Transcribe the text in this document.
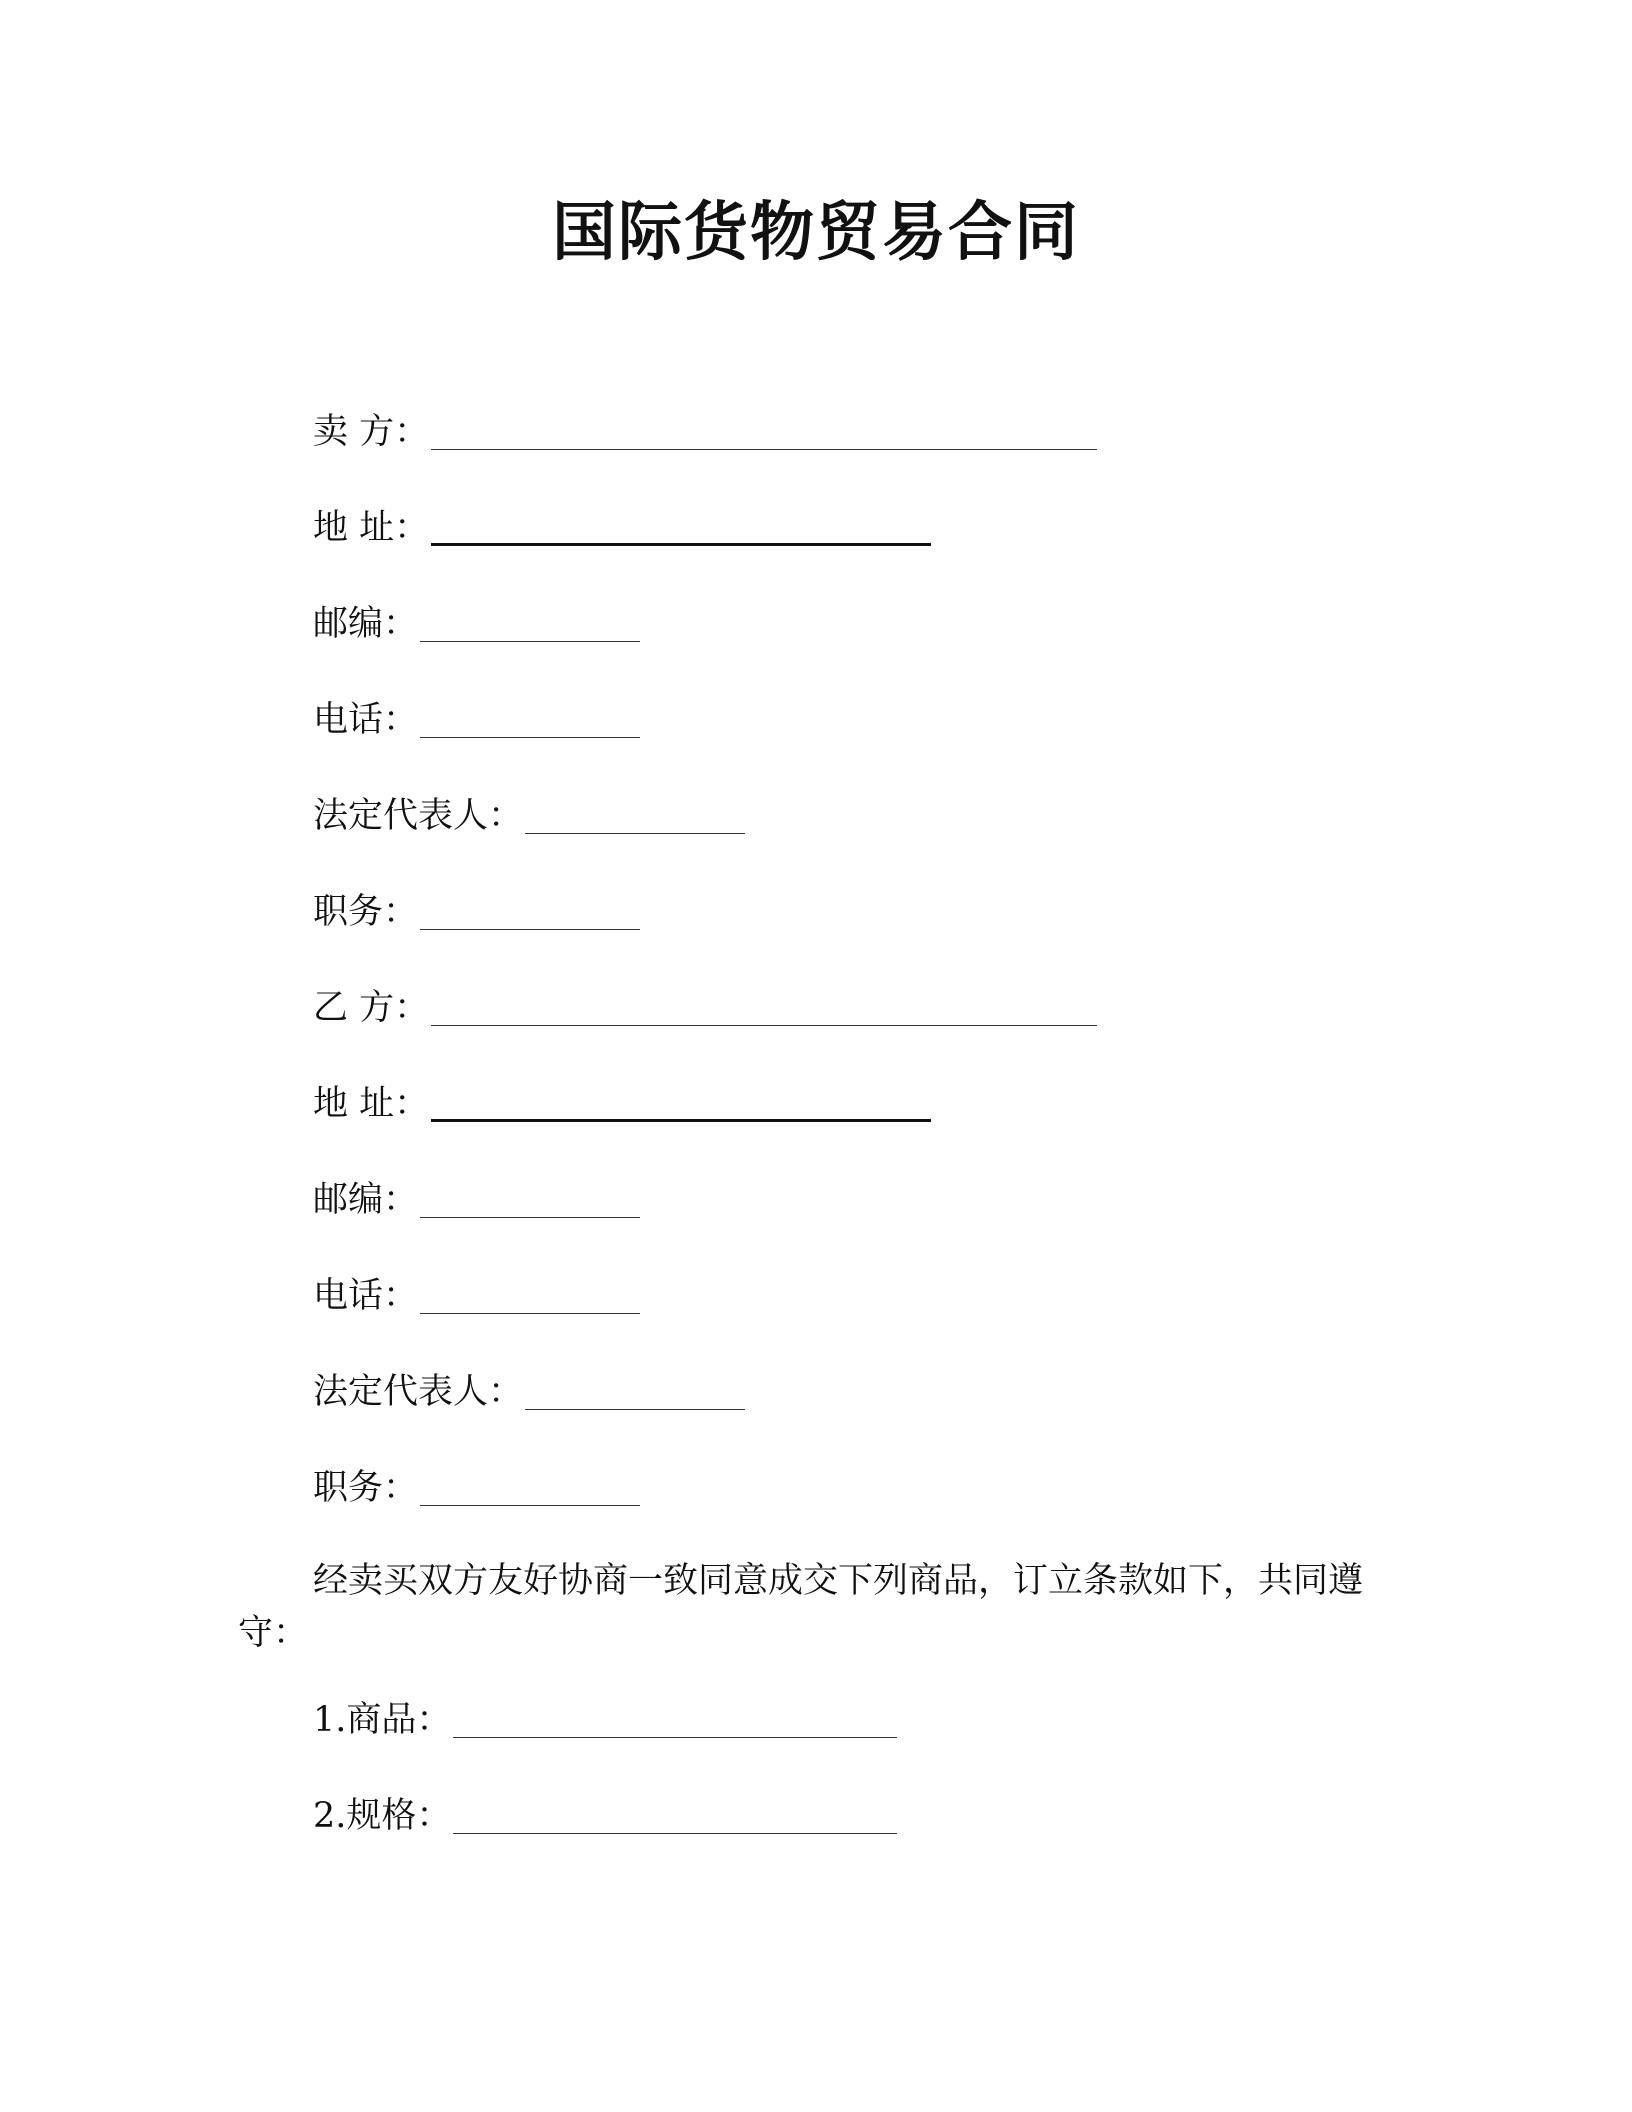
国际货物贸易合同
卖 方：
地 址：
邮编：
电话：
法定代表人：
职务：
乙 方：
地 址：
邮编：
电话：
法定代表人：
职务：
经卖买双方友好协商一致同意成交下列商品，订立条款如下，共同遵守：
1.商品：
2.规格：
